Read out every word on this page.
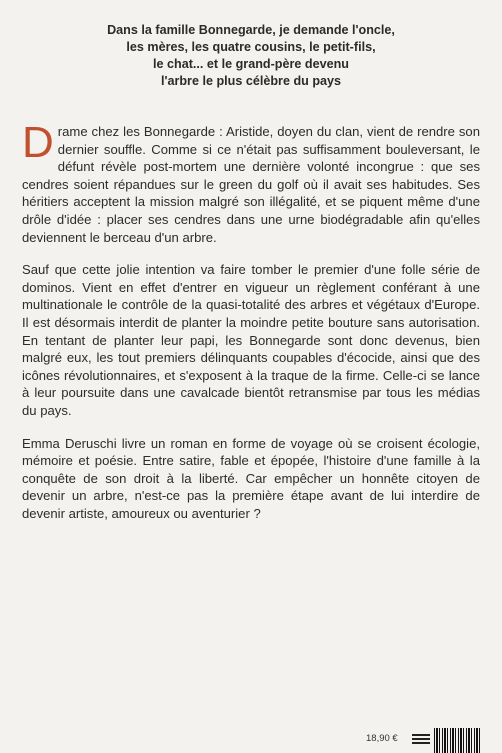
Dans la famille Bonnegarde, je demande l'oncle,
les mères, les quatre cousins, le petit-fils,
le chat... et le grand-père devenu
l'arbre le plus célèbre du pays

Drame chez les Bonnegarde : Aristide, doyen du clan, vient de rendre son dernier souffle. Comme si ce n'était pas suffisamment bouleversant, le défunt révèle post-mortem une dernière volonté incongrue : que ses cendres soient répandues sur le green du golf où il avait ses habitudes. Ses héritiers acceptent la mission malgré son illégalité, et se piquent même d'une drôle d'idée : placer ses cendres dans une urne biodégradable afin qu'elles deviennent le berceau d'un arbre.

Sauf que cette jolie intention va faire tomber le premier d'une folle série de dominos. Vient en effet d'entrer en vigueur un règlement conférant à une multinationale le contrôle de la quasi-totalité des arbres et végétaux d'Europe. Il est désormais interdit de planter la moindre petite bouture sans autorisation. En tentant de planter leur papi, les Bonnegarde sont donc devenus, bien malgré eux, les tout premiers délinquants coupables d'écocide, ainsi que des icônes révolutionnaires, et s'exposent à la traque de la firme. Celle-ci se lance à leur poursuite dans une cavalcade bientôt retransmise par tous les médias du pays.

Emma Deruschi livre un roman en forme de voyage où se croisent écologie, mémoire et poésie. Entre satire, fable et épopée, l'histoire d'une famille à la conquête de son droit à la liberté. Car empêcher un honnête citoyen de devenir un arbre, n'est-ce pas la première étape avant de lui interdire de devenir artiste, amoureux ou aventurier ?

18,90 €
